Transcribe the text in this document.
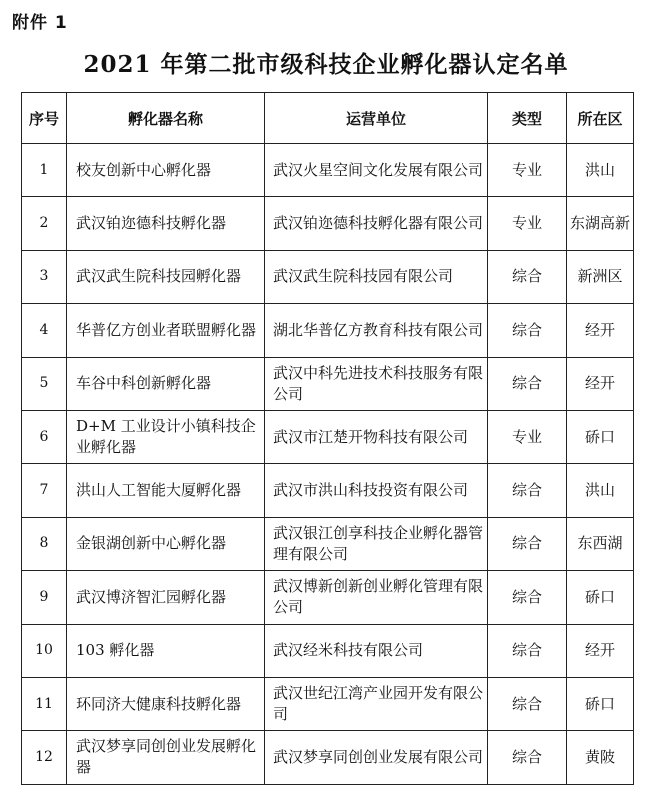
附件 1
2021 年第二批市级科技企业孵化器认定名单
序号	孵化器名称	运营单位	类型	所在区
1	校友创新中心孵化器	武汉火星空间文化发展有限公司	专业	洪山
2	武汉铂迩德科技孵化器	武汉铂迩德科技孵化器有限公司	专业	东湖高新
3	武汉武生院科技园孵化器	武汉武生院科技园有限公司	综合	新洲区
4	华普亿方创业者联盟孵化器	湖北华普亿方教育科技有限公司	综合	经开
5	车谷中科创新孵化器	武汉中科先进技术科技服务有限公司	综合	经开
6	D+M 工业设计小镇科技企业孵化器	武汉市江楚开物科技有限公司	专业	硚口
7	洪山人工智能大厦孵化器	武汉市洪山科技投资有限公司	综合	洪山
8	金银湖创新中心孵化器	武汉银江创享科技企业孵化器管理有限公司	综合	东西湖
9	武汉博济智汇园孵化器	武汉博新创新创业孵化管理有限公司	综合	硚口
10	103 孵化器	武汉经米科技有限公司	综合	经开
11	环同济大健康科技孵化器	武汉世纪江湾产业园开发有限公司	综合	硚口
12	武汉梦享同创创业发展孵化器	武汉梦享同创创业发展有限公司	综合	黄陂
